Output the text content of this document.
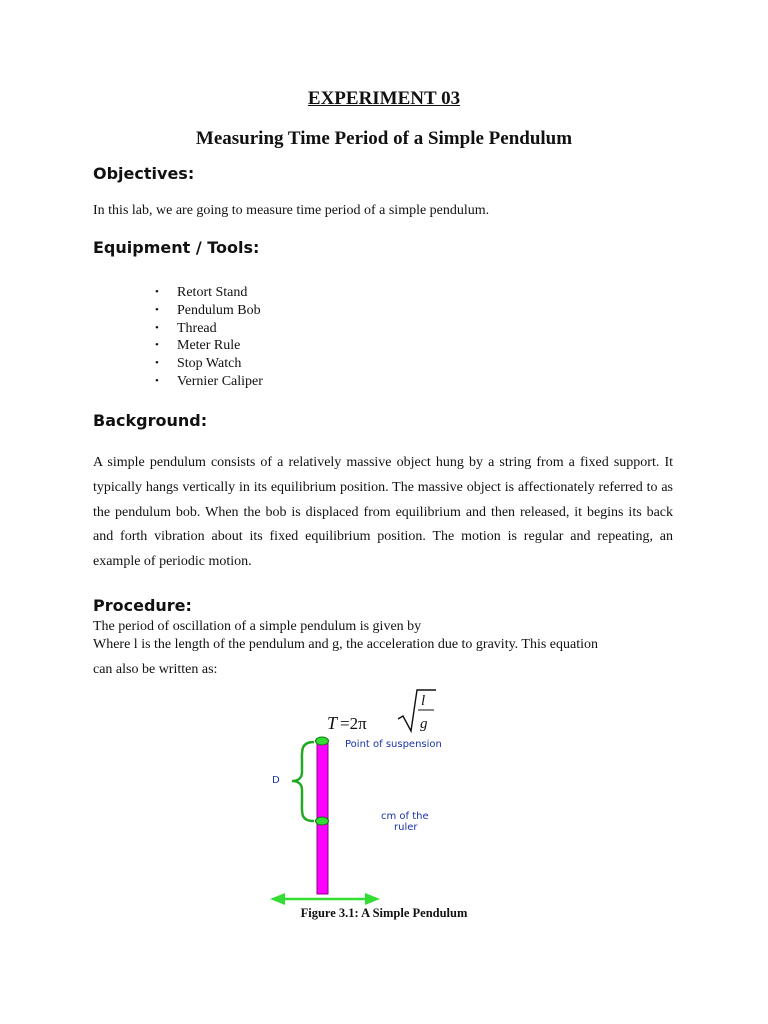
EXPERIMENT 03
Measuring Time Period of a Simple Pendulum
Objectives:
In this lab, we are going to measure time period of a simple pendulum.
Equipment / Tools:
• Retort Stand
• Pendulum Bob
• Thread
• Meter Rule
• Stop Watch
• Vernier Caliper
Background:
A simple pendulum consists of a relatively massive object hung by a string from a fixed support. It typically hangs vertically in its equilibrium position. The massive object is affectionately referred to as the pendulum bob. When the bob is displaced from equilibrium and then released, it begins its back and forth vibration about its fixed equilibrium position. The motion is regular and repeating, an example of periodic motion.
Procedure:
The period of oscillation of a simple pendulum is given by
Where l is the length of the pendulum and g, the acceleration due to gravity. This equation
can also be written as:
T =2π
l
g
Point of suspension
D
cm of the
ruler
Figure 3.1: A Simple Pendulum
